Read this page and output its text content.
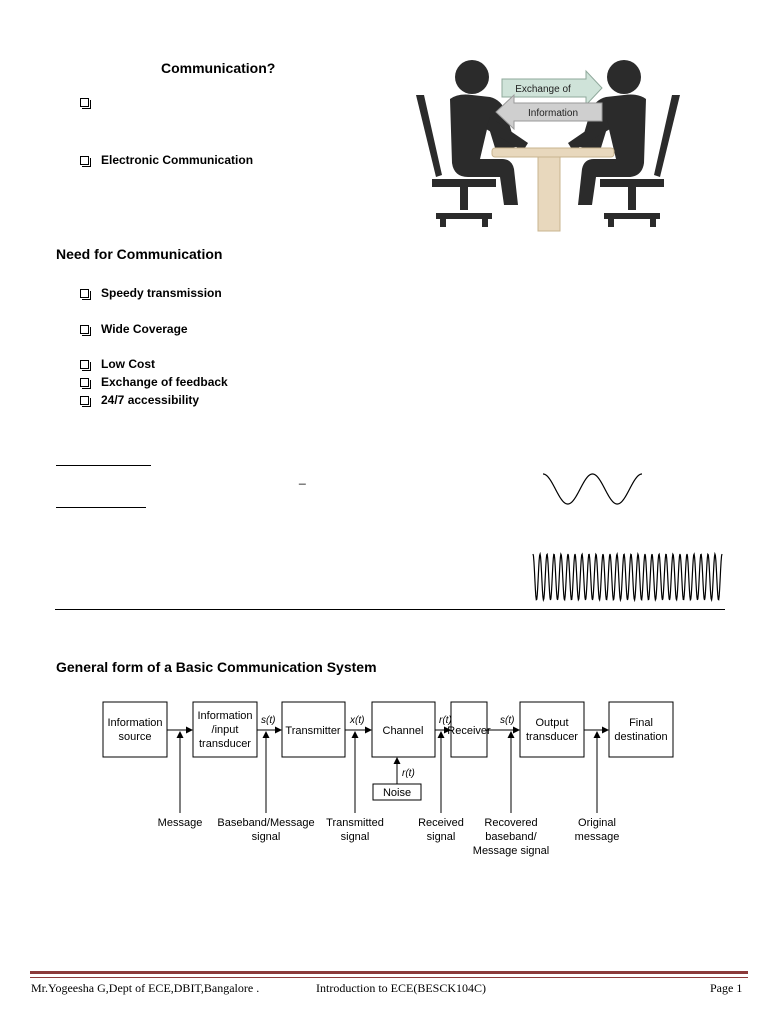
Communication?
Electronic Communication
Exchange of
Information
Need for Communication
Speedy transmission
Wide Coverage
Low Cost
Exchange of feedback
24/7 accessibility
_
General form of a Basic Communication System
Information
source
Information
/input
transducer
Transmitter	Channel Receiver
Output
transducer
Final
destination
Noise
s(t)	x(t)	r(t)	s(t)
r(t)
Message Baseband/Message
signal
Transmitted
signal
Received
signal
Recovered
baseband/
Message signal
Original
message
Mr.Yogeesha G,Dept of ECE,DBIT,Bangalore .	Introduction to ECE(BESCK104C)	Page 1
